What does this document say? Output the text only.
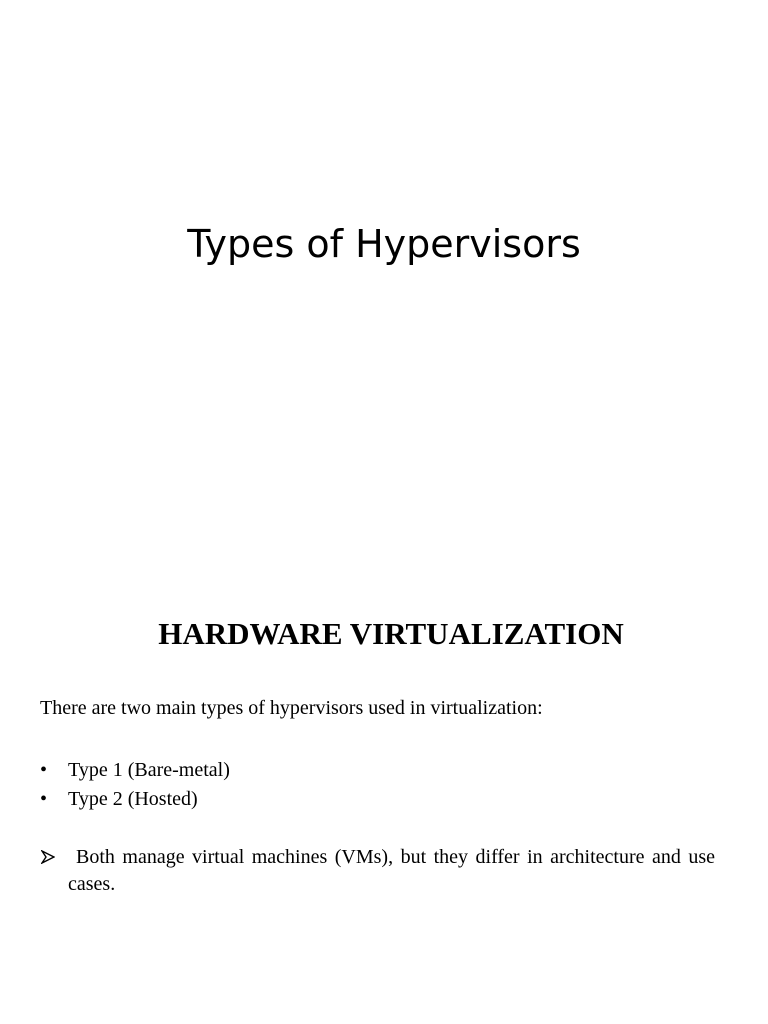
Types of Hypervisors
HARDWARE VIRTUALIZATION

There are two main types of hypervisors used in virtualization:

• Type 1 (Bare-metal)
• Type 2 (Hosted)

Both manage virtual machines (VMs), but they differ in architecture and use cases.
